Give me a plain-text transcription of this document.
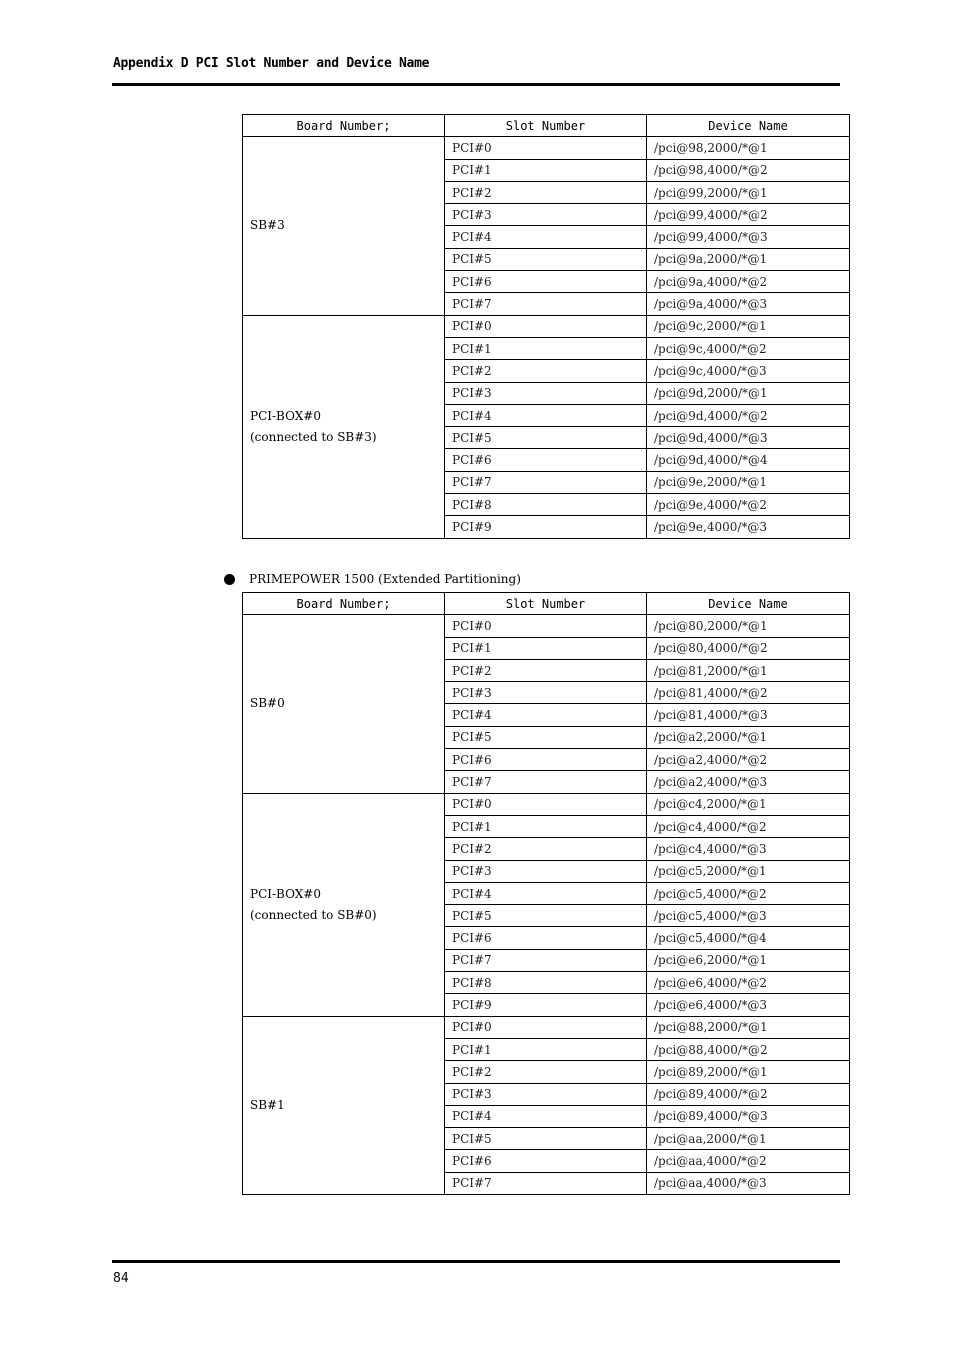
Appendix D PCI Slot Number and Device Name
Board Number;	Slot Number	Device Name
SB#3	PCI#0	/pci@98,2000/*@1
	PCI#1	/pci@98,4000/*@2
	PCI#2	/pci@99,2000/*@1
	PCI#3	/pci@99,4000/*@2
	PCI#4	/pci@99,4000/*@3
	PCI#5	/pci@9a,2000/*@1
	PCI#6	/pci@9a,4000/*@2
	PCI#7	/pci@9a,4000/*@3
PCI-BOX#0
(connected to SB#3)	PCI#0	/pci@9c,2000/*@1
	PCI#1	/pci@9c,4000/*@2
	PCI#2	/pci@9c,4000/*@3
	PCI#3	/pci@9d,2000/*@1
	PCI#4	/pci@9d,4000/*@2
	PCI#5	/pci@9d,4000/*@3
	PCI#6	/pci@9d,4000/*@4
	PCI#7	/pci@9e,2000/*@1
	PCI#8	/pci@9e,4000/*@2
	PCI#9	/pci@9e,4000/*@3
PRIMEPOWER 1500 (Extended Partitioning)
Board Number;	Slot Number	Device Name
SB#0	PCI#0	/pci@80,2000/*@1
	PCI#1	/pci@80,4000/*@2
	PCI#2	/pci@81,2000/*@1
	PCI#3	/pci@81,4000/*@2
	PCI#4	/pci@81,4000/*@3
	PCI#5	/pci@a2,2000/*@1
	PCI#6	/pci@a2,4000/*@2
	PCI#7	/pci@a2,4000/*@3
PCI-BOX#0
(connected to SB#0)	PCI#0	/pci@c4,2000/*@1
	PCI#1	/pci@c4,4000/*@2
	PCI#2	/pci@c4,4000/*@3
	PCI#3	/pci@c5,2000/*@1
	PCI#4	/pci@c5,4000/*@2
	PCI#5	/pci@c5,4000/*@3
	PCI#6	/pci@c5,4000/*@4
	PCI#7	/pci@e6,2000/*@1
	PCI#8	/pci@e6,4000/*@2
	PCI#9	/pci@e6,4000/*@3
SB#1	PCI#0	/pci@88,2000/*@1
	PCI#1	/pci@88,4000/*@2
	PCI#2	/pci@89,2000/*@1
	PCI#3	/pci@89,4000/*@2
	PCI#4	/pci@89,4000/*@3
	PCI#5	/pci@aa,2000/*@1
	PCI#6	/pci@aa,4000/*@2
	PCI#7	/pci@aa,4000/*@3
84
